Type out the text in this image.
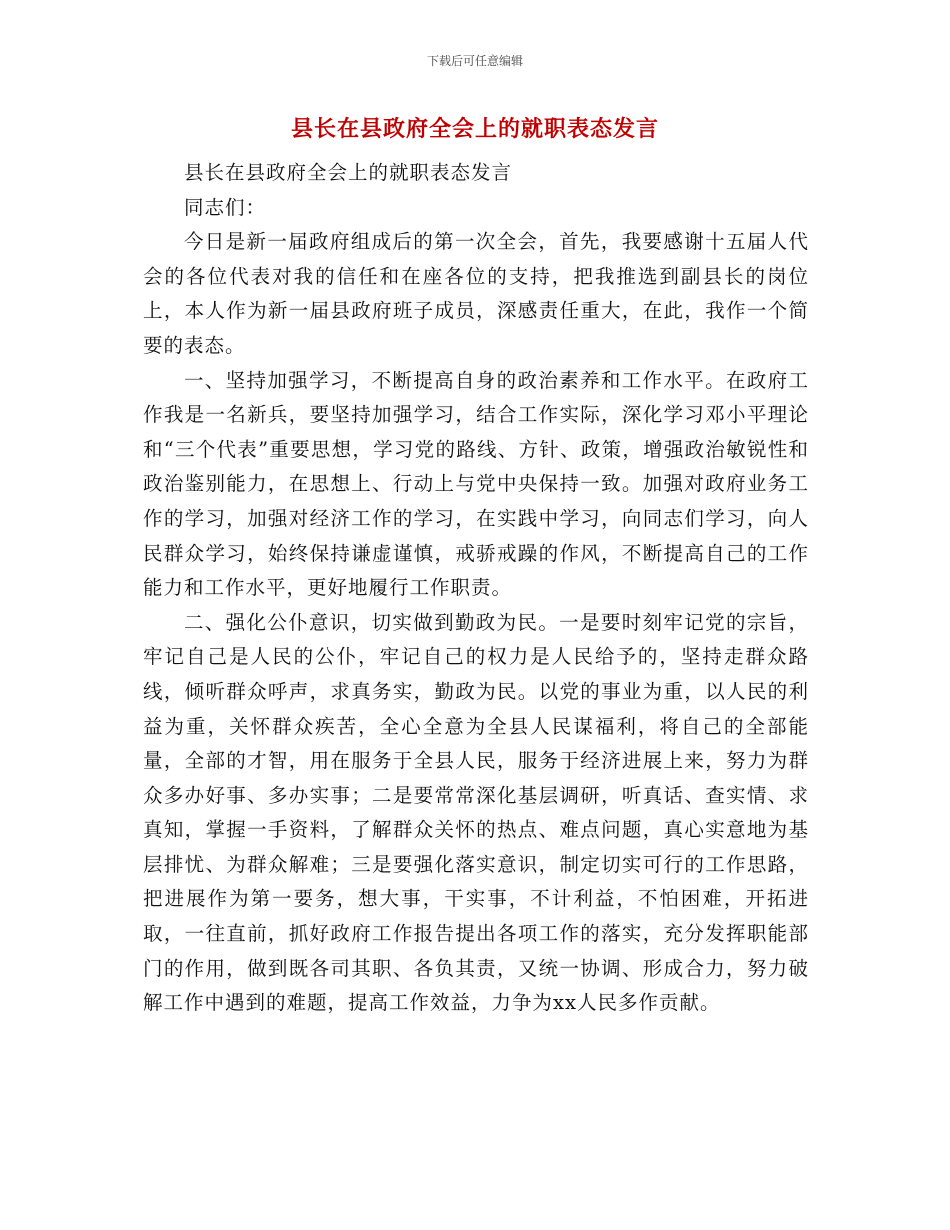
下载后可任意编辑
县长在县政府全会上的就职表态发言

县长在县政府全会上的就职表态发言

同志们：

今日是新一届政府组成后的第一次全会，首先，我要感谢十五届人代会的各位代表对我的信任和在座各位的支持，把我推选到副县长的岗位上，本人作为新一届县政府班子成员，深感责任重大，在此，我作一个简要的表态。

一、坚持加强学习，不断提高自身的政治素养和工作水平。在政府工作我是一名新兵，要坚持加强学习，结合工作实际，深化学习邓小平理论和“三个代表”重要思想，学习党的路线、方针、政策，增强政治敏锐性和政治鉴别能力，在思想上、行动上与党中央保持一致。加强对政府业务工作的学习，加强对经济工作的学习，在实践中学习，向同志们学习，向人民群众学习，始终保持谦虚谨慎，戒骄戒躁的作风，不断提高自己的工作能力和工作水平，更好地履行工作职责。

二、强化公仆意识，切实做到勤政为民。一是要时刻牢记党的宗旨，牢记自己是人民的公仆，牢记自己的权力是人民给予的，坚持走群众路线，倾听群众呼声，求真务实，勤政为民。以党的事业为重，以人民的利益为重，关怀群众疾苦，全心全意为全县人民谋福利，将自己的全部能量，全部的才智，用在服务于全县人民，服务于经济进展上来，努力为群众多办好事、多办实事；二是要常常深化基层调研，听真话、查实情、求真知，掌握一手资料，了解群众关怀的热点、难点问题，真心实意地为基层排忧、为群众解难；三是要强化落实意识，制定切实可行的工作思路，把进展作为第一要务，想大事，干实事，不计利益，不怕困难，开拓进取，一往直前，抓好政府工作报告提出各项工作的落实，充分发挥职能部门的作用，做到既各司其职、各负其责，又统一协调、形成合力，努力破解工作中遇到的难题，提高工作效益，力争为xx人民多作贡献。
